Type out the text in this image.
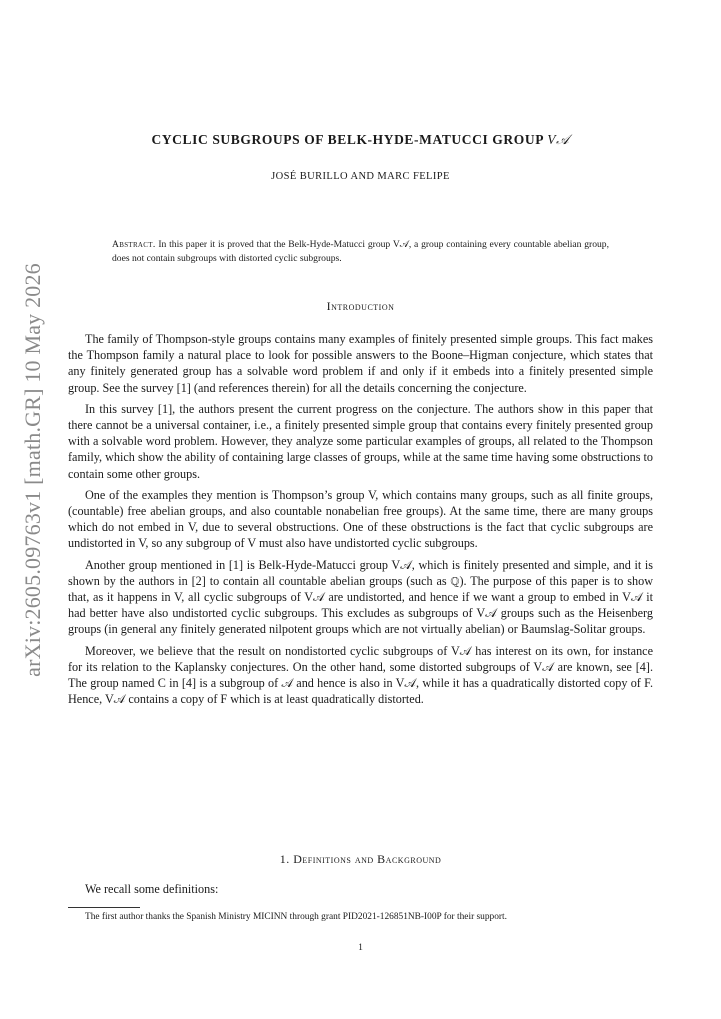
arXiv:2605.09763v1 [math.GR] 10 May 2026
CYCLIC SUBGROUPS OF BELK-HYDE-MATUCCI GROUP V𝒜
JOSÉ BURILLO AND MARC FELIPE
Abstract. In this paper it is proved that the Belk-Hyde-Matucci group V𝒜, a group containing every countable abelian group, does not contain subgroups with distorted cyclic subgroups.
Introduction

The family of Thompson-style groups contains many examples of finitely presented simple groups. This fact makes the Thompson family a natural place to look for possible answers to the Boone–Higman conjecture, which states that any finitely generated group has a solvable word problem if and only if it embeds into a finitely presented simple group. See the survey [1] (and references therein) for all the details concerning the conjecture.

In this survey [1], the authors present the current progress on the conjecture. The authors show in this paper that there cannot be a universal container, i.e., a finitely presented simple group that contains every finitely presented group with a solvable word problem. However, they analyze some particular examples of groups, all related to the Thompson family, which show the ability of containing large classes of groups, while at the same time having some obstructions to contain some other groups.

One of the examples they mention is Thompson’s group V, which contains many groups, such as all finite groups, (countable) free abelian groups, and also countable nonabelian free groups). At the same time, there are many groups which do not embed in V, due to several obstructions. One of these obstructions is the fact that cyclic subgroups are undistorted in V, so any subgroup of V must also have undistorted cyclic subgroups.

Another group mentioned in [1] is Belk-Hyde-Matucci group V𝒜, which is finitely presented and simple, and it is shown by the authors in [2] to contain all countable abelian groups (such as ℚ). The purpose of this paper is to show that, as it happens in V, all cyclic subgroups of V𝒜 are undistorted, and hence if we want a group to embed in V𝒜 it had better have also undistorted cyclic subgroups. This excludes as subgroups of V𝒜 groups such as the Heisenberg groups (in general any finitely generated nilpotent groups which are not virtually abelian) or Baumslag-Solitar groups.

Moreover, we believe that the result on nondistorted cyclic subgroups of V𝒜 has interest on its own, for instance for its relation to the Kaplansky conjectures. On the other hand, some distorted subgroups of V𝒜 are known, see [4]. The group named C in [4] is a subgroup of 𝒜 and hence is also in V𝒜, while it has a quadratically distorted copy of F. Hence, V𝒜 contains a copy of F which is at least quadratically distorted.

1. Definitions and Background
We recall some definitions:
The first author thanks the Spanish Ministry MICINN through grant PID2021-126851NB-I00P for their support.
1
